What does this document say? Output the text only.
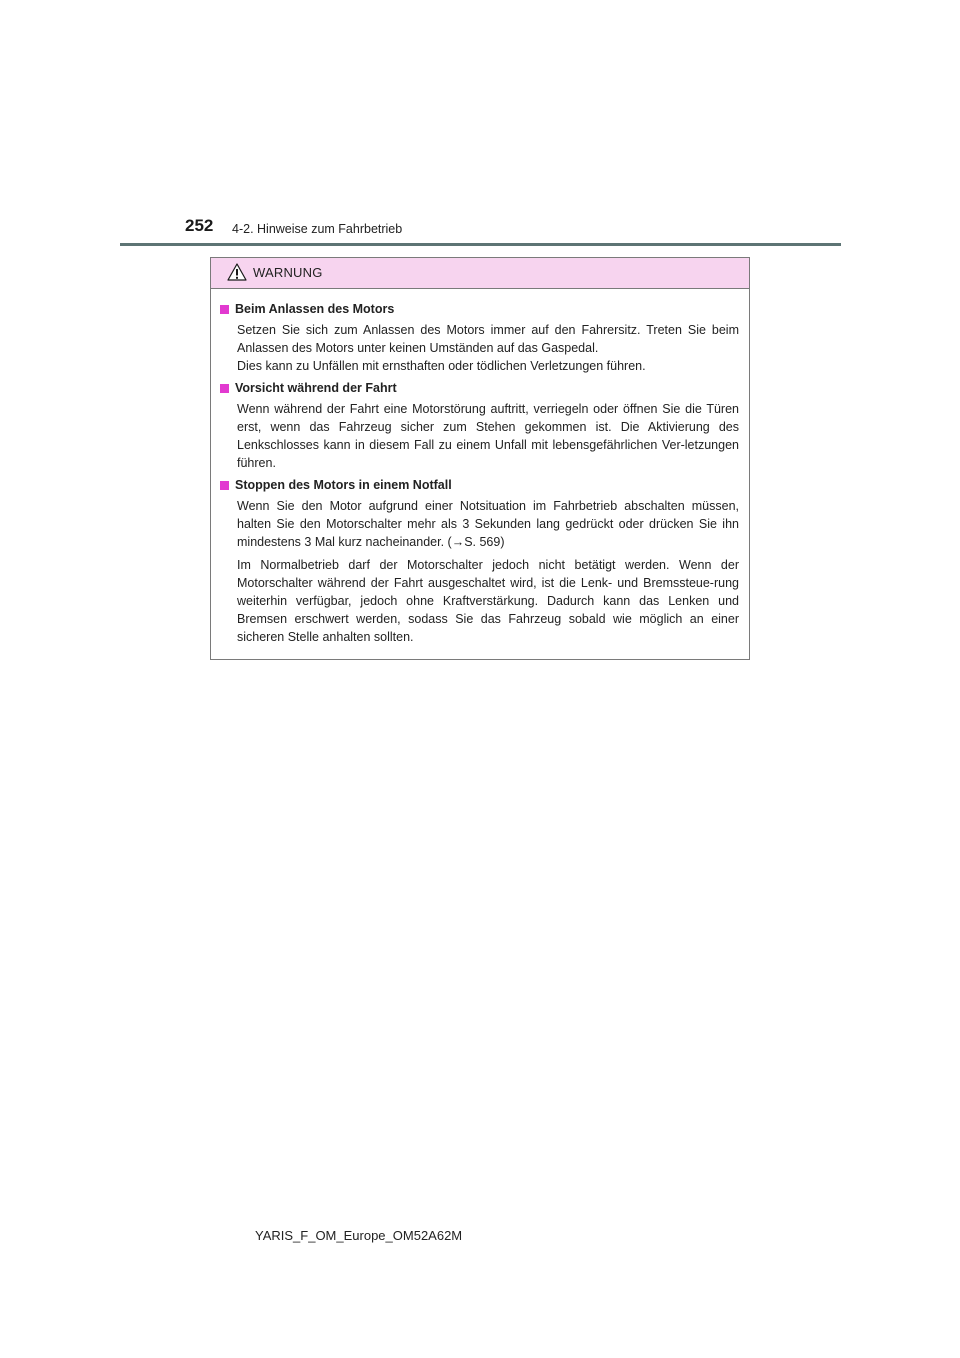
252 4-2. Hinweise zum Fahrbetrieb
WARNUNG
Beim Anlassen des Motors

Setzen Sie sich zum Anlassen des Motors immer auf den Fahrersitz. Treten Sie beim Anlassen des Motors unter keinen Umständen auf das Gaspedal.

Dies kann zu Unfällen mit ernsthaften oder tödlichen Verletzungen führen.

Vorsicht während der Fahrt

Wenn während der Fahrt eine Motorstörung auftritt, verriegeln oder öffnen Sie die Türen erst, wenn das Fahrzeug sicher zum Stehen gekommen ist. Die Aktivierung des Lenkschlosses kann in diesem Fall zu einem Unfall mit lebensgefährlichen Ver-letzungen führen.

Stoppen des Motors in einem Notfall

Wenn Sie den Motor aufgrund einer Notsituation im Fahrbetrieb abschalten müssen, halten Sie den Motorschalter mehr als 3 Sekunden lang gedrückt oder drücken Sie ihn mindestens 3 Mal kurz nacheinander. (→S. 569)

Im Normalbetrieb darf der Motorschalter jedoch nicht betätigt werden. Wenn der Motorschalter während der Fahrt ausgeschaltet wird, ist die Lenk- und Bremssteue-rung weiterhin verfügbar, jedoch ohne Kraftverstärkung. Dadurch kann das Lenken und Bremsen erschwert werden, sodass Sie das Fahrzeug sobald wie möglich an einer sicheren Stelle anhalten sollten.

YARIS_F_OM_Europe_OM52A62M
